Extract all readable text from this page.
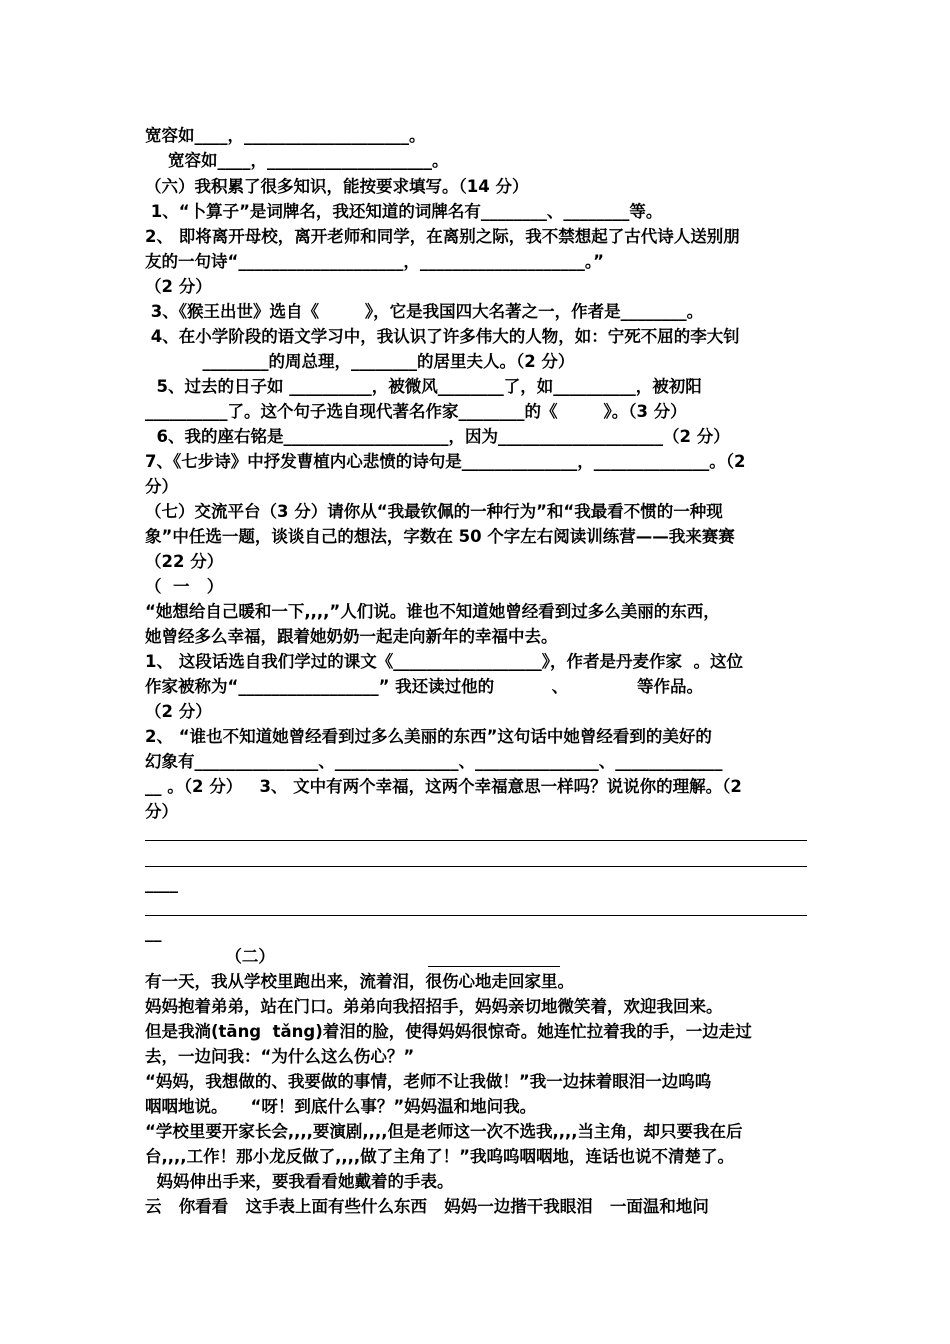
宽容如____，____________________。
宽容如____，____________________。
（六）我积累了很多知识，能按要求填写。（14 分）
1、“卜算子”是词牌名，我还知道的词牌名有________、________等。
2、 即将离开母校，离开老师和同学，在离别之际，我不禁想起了古代诗人送别朋
友的一句诗“____________________，____________________。”
（2 分）
3、《猴王出世》选自《        》，它是我国四大名著之一，作者是________。
4、在小学阶段的语文学习中，我认识了许多伟大的人物，如：宁死不屈的李大钊
________的周总理，________的居里夫人。（2 分）
5、过去的日子如 __________，被微风________了，如__________，被初阳
__________了。这个句子选自现代著名作家________的《        》。（3 分）
6、我的座右铭是____________________，因为____________________（2 分）
7、《七步诗》中抒发曹植内心悲愤的诗句是______________，______________。（2
分）
（七）交流平台（3 分）请你从“我最钦佩的一种行为”和“我最看不惯的一种现
象”中任选一题，谈谈自己的想法，字数在 50 个字左右阅读训练营——我来赛赛
（22 分）
（  一   ）
“她想给自己暖和一下,,,,”人们说。谁也不知道她曾经看到过多么美丽的东西，
她曾经多么幸福，跟着她奶奶一起走向新年的幸福中去。
1、 这段话选自我们学过的课文《__________________》，作者是丹麦作家  。这位
作家被称为“_________________” 我还读过他的          、            等作品。
（2 分）
2、 “谁也不知道她曾经看到过多么美丽的东西”这句话中她曾经看到的美好的
幻象有_______________、_______________、_______________、_____________
__ 。（2 分）   3、 文中有两个幸福，这两个幸福意思一样吗？说说你的理解。（2
分）
____
__
（二）
有一天，我从学校里跑出来，流着泪，很伤心地走回家里。
妈妈抱着弟弟，站在门口。弟弟向我招招手，妈妈亲切地微笑着，欢迎我回来。
但是我淌(tāng  tǎng)着泪的脸，使得妈妈很惊奇。她连忙拉着我的手，一边走过
去，一边问我：“为什么这么伤心？”
“妈妈，我想做的、我要做的事情，老师不让我做！”我一边抹着眼泪一边呜呜
咽咽地说。    “呀！到底什么事？”妈妈温和地问我。
“学校里要开家长会,,,,要演剧,,,,但是老师这一次不选我,,,,当主角，却只要我在后
台,,,,工作！那小龙反做了,,,,做了主角了！”我呜呜咽咽地，连话也说不清楚了。
妈妈伸出手来，要我看看她戴着的手表。
云   你看看   这手表上面有些什么东西   妈妈一边揩干我眼泪   一面温和地问
